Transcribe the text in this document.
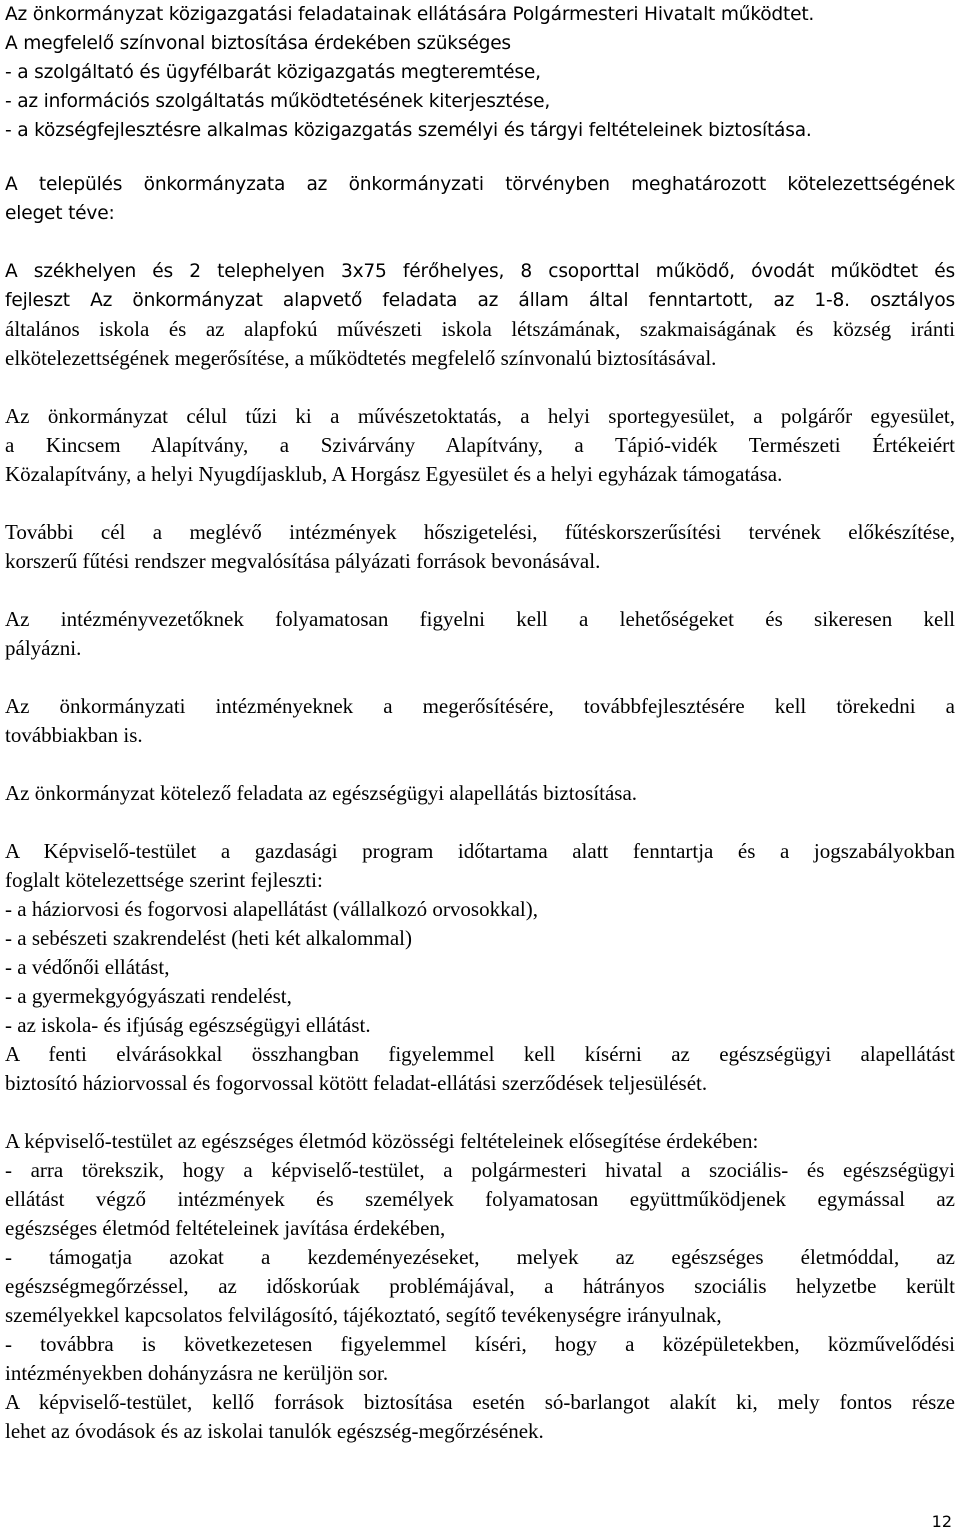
Az önkormányzat közigazgatási feladatainak ellátására Polgármesteri Hivatalt működtet.
A megfelelő színvonal biztosítása érdekében szükséges
- a szolgáltató és ügyfélbarát közigazgatás megteremtése,
- az információs szolgáltatás működtetésének kiterjesztése,
- a községfejlesztésre alkalmas közigazgatás személyi és tárgyi feltételeinek biztosítása.
A település önkormányzata az önkormányzati törvényben meghatározott kötelezettségének
eleget téve:
A székhelyen és 2 telephelyen 3x75 férőhelyes, 8 csoporttal működő, óvodát működtet és
fejleszt Az önkormányzat alapvető feladata az állam által fenntartott, az 1-8. osztályos
általános iskola és az alapfokú művészeti iskola létszámának, szakmaiságának és község iránti
elkötelezettségének megerősítése, a működtetés megfelelő színvonalú biztosításával.
Az önkormányzat célul tűzi ki a művészetoktatás, a helyi sportegyesület, a polgárőr egyesület,
a Kincsem Alapítvány, a Szivárvány Alapítvány, a Tápió-vidék Természeti Értékeiért
Közalapítvány, a helyi Nyugdíjasklub, A Horgász Egyesület és a helyi egyházak támogatása.
További cél a meglévő intézmények hőszigetelési, fűtéskorszerűsítési tervének előkészítése,
korszerű fűtési rendszer megvalósítása pályázati források bevonásával.
Az intézményvezetőknek folyamatosan figyelni kell a lehetőségeket és sikeresen kell
pályázni.
Az önkormányzati intézményeknek a megerősítésére, továbbfejlesztésére kell törekedni a
továbbiakban is.
Az önkormányzat kötelező feladata az egészségügyi alapellátás biztosítása.
A Képviselő-testület a gazdasági program időtartama alatt fenntartja és a jogszabályokban
foglalt kötelezettsége szerint fejleszti:
- a háziorvosi és fogorvosi alapellátást (vállalkozó orvosokkal),
- a sebészeti szakrendelést (heti két alkalommal)
- a védőnői ellátást,
- a gyermekgyógyászati rendelést,
- az iskola- és ifjúság egészségügyi ellátást.
A fenti elvárásokkal összhangban figyelemmel kell kísérni az egészségügyi alapellátást
biztosító háziorvossal és fogorvossal kötött feladat-ellátási szerződések teljesülését.
A képviselő-testület az egészséges életmód közösségi feltételeinek elősegítése érdekében:
- arra törekszik, hogy a képviselő-testület, a polgármesteri hivatal a szociális- és egészségügyi
ellátást végző intézmények és személyek folyamatosan együttműködjenek egymással az
egészséges életmód feltételeinek javítása érdekében,
- támogatja azokat a kezdeményezéseket, melyek az egészséges életmóddal, az
egészségmegőrzéssel, az időskorúak problémájával, a hátrányos szociális helyzetbe került
személyekkel kapcsolatos felvilágosító, tájékoztató, segítő tevékenységre irányulnak,
- továbbra is következetesen figyelemmel kíséri, hogy a középületekben, közművelődési
intézményekben dohányzásra ne kerüljön sor.
A képviselő-testület, kellő források biztosítása esetén só-barlangot alakít ki, mely fontos része
lehet az óvodások és az iskolai tanulók egészség-megőrzésének.
12
